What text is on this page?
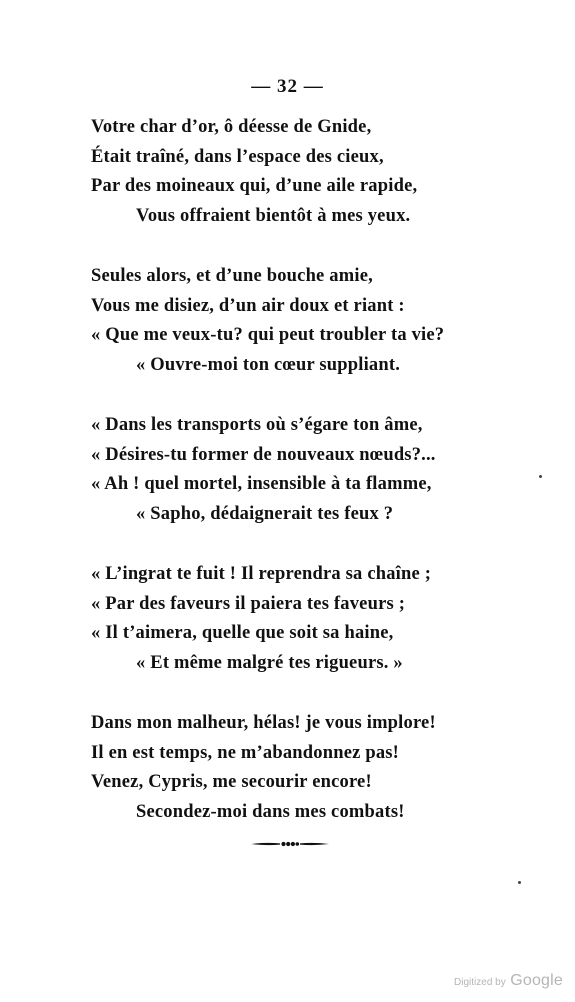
— 32 —
Votre char d’or, ô déesse de Gnide,
Était traîné, dans l’espace des cieux,
Par des moineaux qui, d’une aile rapide,
Vous offraient bientôt à mes yeux.
Seules alors, et d’une bouche amie,
Vous me disiez, d’un air doux et riant :
« Que me veux-tu? qui peut troubler ta vie?
« Ouvre-moi ton cœur suppliant.
« Dans les transports où s’égare ton âme,
« Désires-tu former de nouveaux nœuds?...
« Ah ! quel mortel, insensible à ta flamme,
« Sapho, dédaignerait tes feux ?
« L’ingrat te fuit ! Il reprendra sa chaîne ;
« Par des faveurs il paiera tes faveurs ;
« Il t’aimera, quelle que soit sa haine,
« Et même malgré tes rigueurs. »
Dans mon malheur, hélas! je vous implore!
Il en est temps, ne m’abandonnez pas!
Venez, Cypris, me secourir encore!
Secondez-moi dans mes combats!
Digitized by Google
